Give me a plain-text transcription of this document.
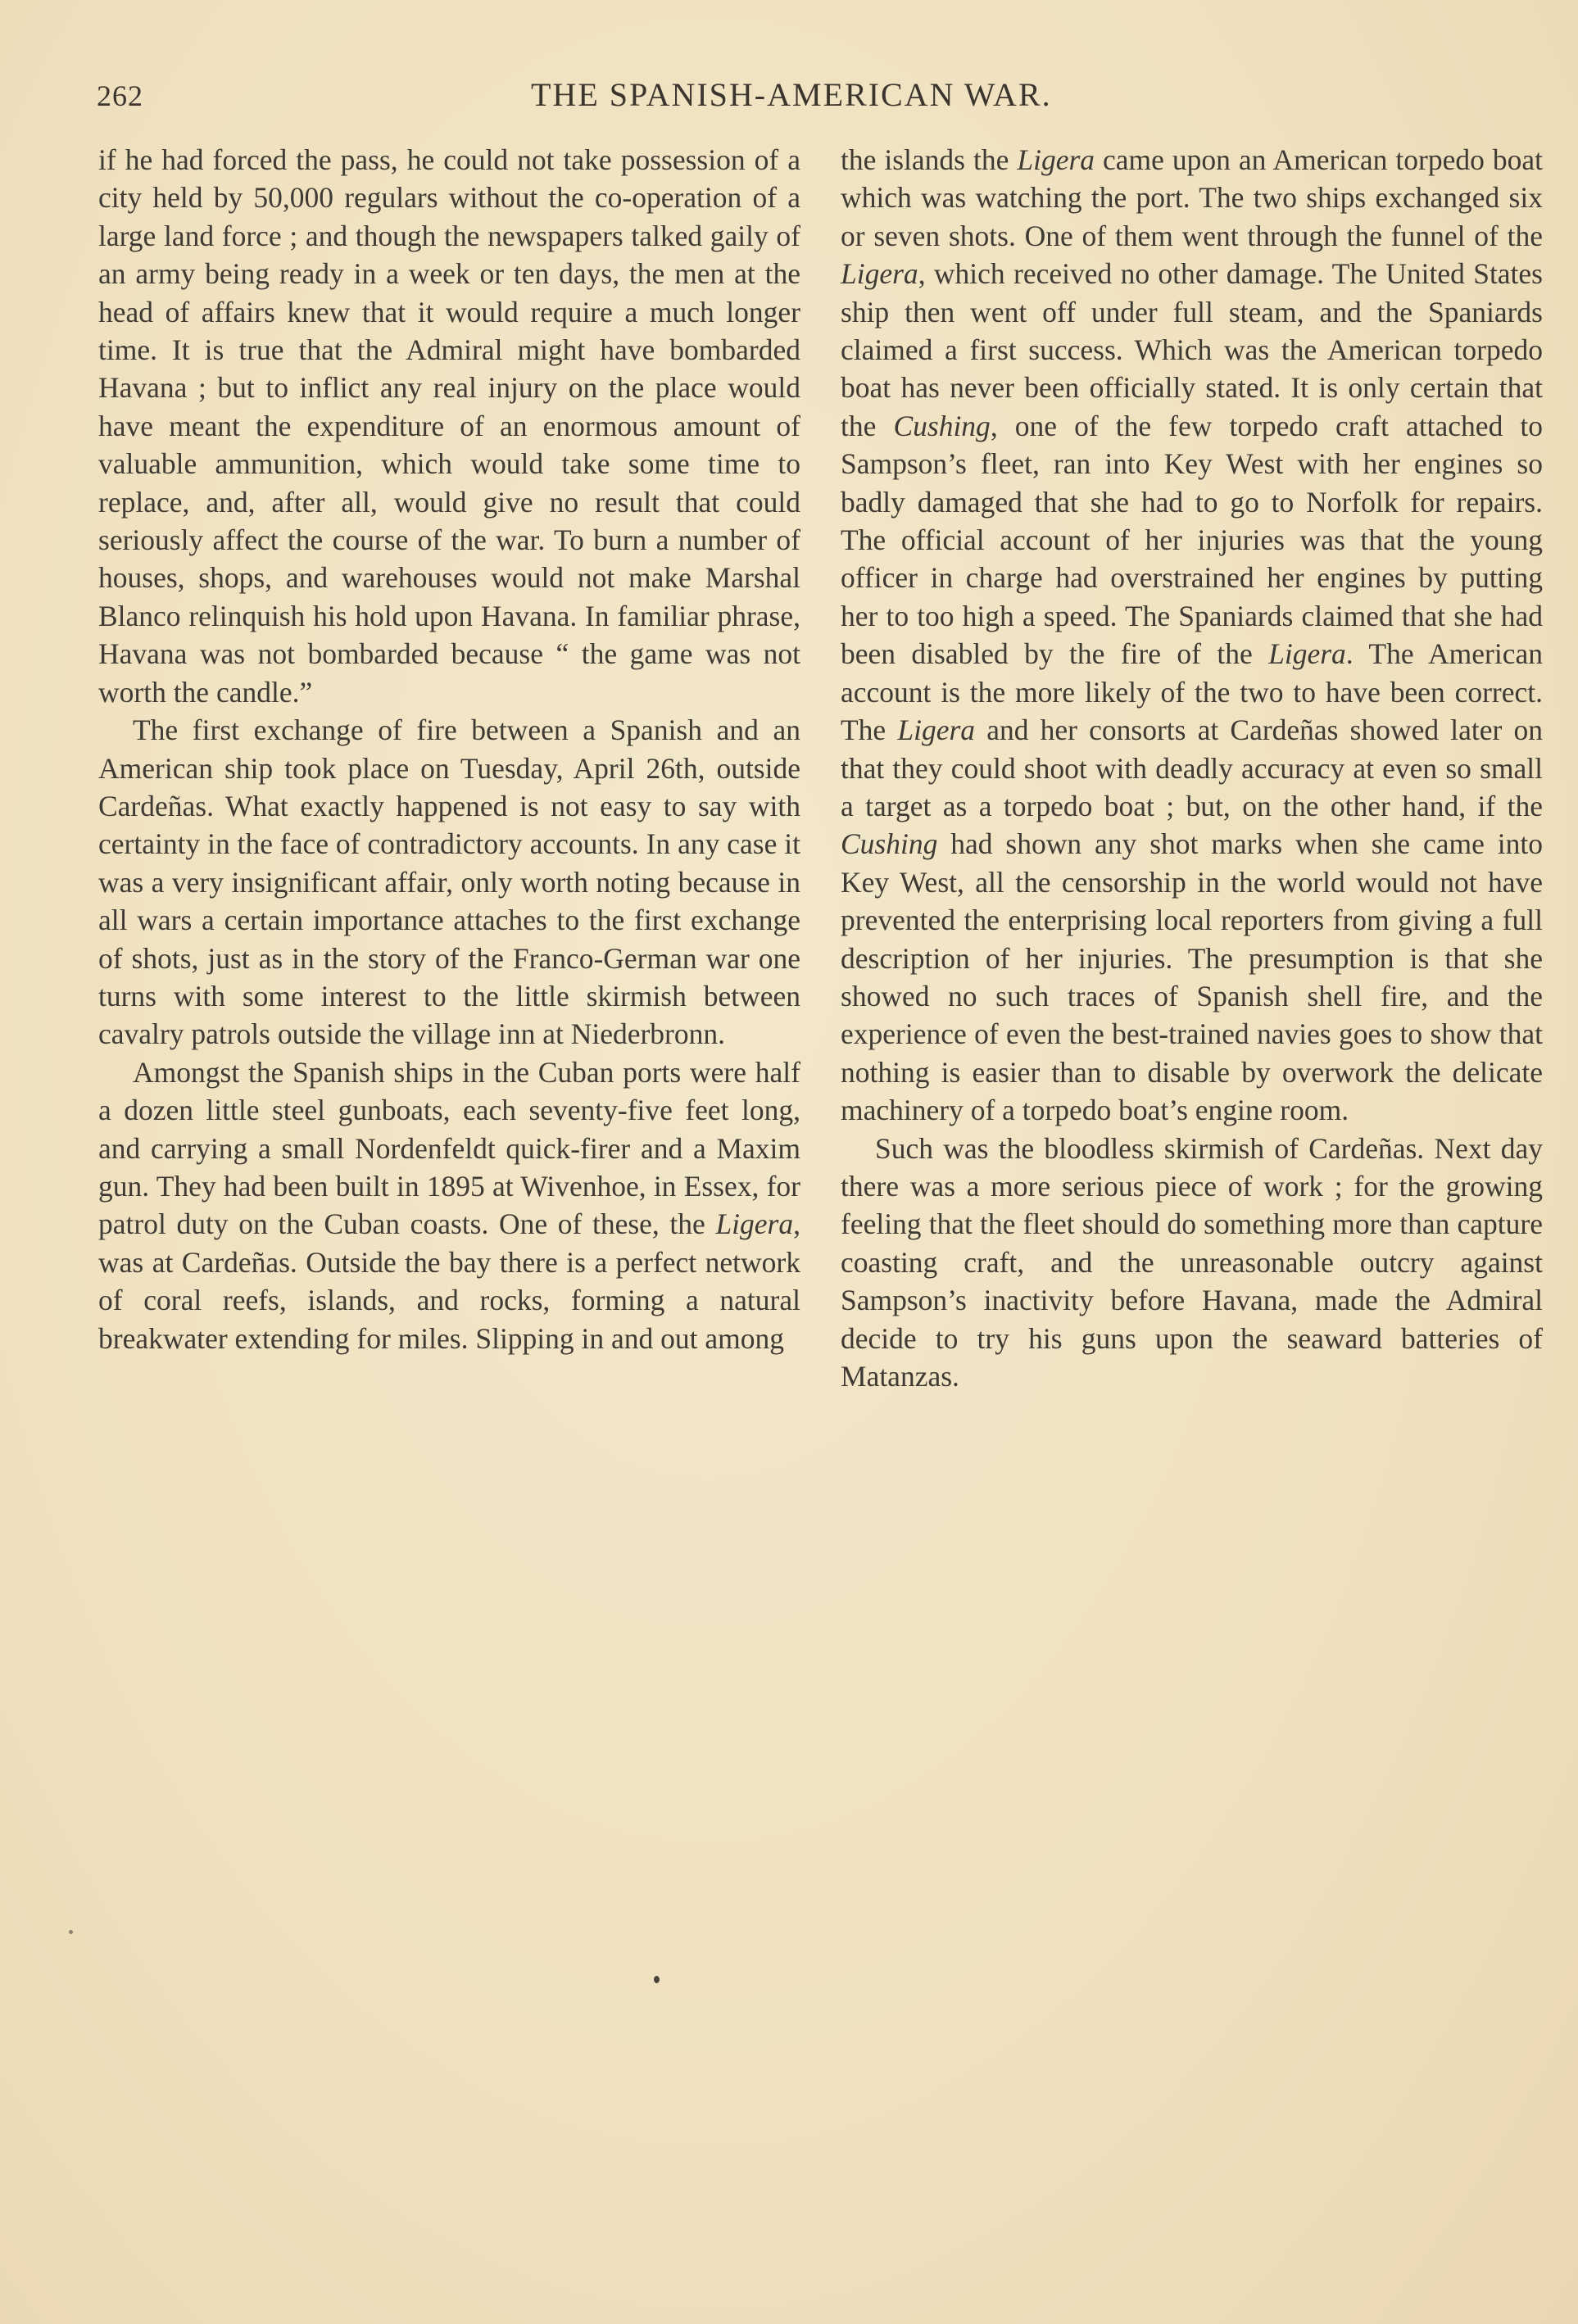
262	THE SPANISH-AMERICAN WAR.

if he had forced the pass, he could not take possession of a city held by 50,000 regulars without the co-operation of a large land force ; and though the newspapers talked gaily of an army being ready in a week or ten days, the men at the head of affairs knew that it would require a much longer time. It is true that the Admiral might have bombarded Havana ; but to inflict any real injury on the place would have meant the expenditure of an enormous amount of valuable ammunition, which would take some time to replace, and, after all, would give no result that could seriously affect the course of the war. To burn a number of houses, shops, and warehouses would not make Marshal Blanco relinquish his hold upon Havana. In familiar phrase, Havana was not bombarded because “ the game was not worth the candle.”

The first exchange of fire between a Spanish and an American ship took place on Tuesday, April 26th, outside Cardeñas. What exactly happened is not easy to say with certainty in the face of contradictory accounts. In any case it was a very insignificant affair, only worth noting because in all wars a certain importance attaches to the first exchange of shots, just as in the story of the Franco-German war one turns with some interest to the little skirmish between cavalry patrols outside the village inn at Niederbronn.

Amongst the Spanish ships in the Cuban ports were half a dozen little steel gunboats, each seventy-five feet long, and carrying a small Nordenfeldt quick-firer and a Maxim gun. They had been built in 1895 at Wivenhoe, in Essex, for patrol duty on the Cuban coasts. One of these, the Ligera, was at Cardeñas. Outside the bay there is a perfect network of coral reefs, islands, and rocks, forming a natural breakwater extending for miles. Slipping in and out among

the islands the Ligera came upon an American torpedo boat which was watching the port. The two ships exchanged six or seven shots. One of them went through the funnel of the Ligera, which received no other damage. The United States ship then went off under full steam, and the Spaniards claimed a first success. Which was the American torpedo boat has never been officially stated. It is only certain that the Cushing, one of the few torpedo craft attached to Sampson’s fleet, ran into Key West with her engines so badly damaged that she had to go to Norfolk for repairs. The official account of her injuries was that the young officer in charge had overstrained her engines by putting her to too high a speed. The Spaniards claimed that she had been disabled by the fire of the Ligera. The American account is the more likely of the two to have been correct. The Ligera and her consorts at Cardeñas showed later on that they could shoot with deadly accuracy at even so small a target as a torpedo boat ; but, on the other hand, if the Cushing had shown any shot marks when she came into Key West, all the censorship in the world would not have prevented the enterprising local reporters from giving a full description of her injuries. The presumption is that she showed no such traces of Spanish shell fire, and the experience of even the best-trained navies goes to show that nothing is easier than to disable by overwork the delicate machinery of a torpedo boat’s engine room.

Such was the bloodless skirmish of Cardeñas. Next day there was a more serious piece of work ; for the growing feeling that the fleet should do something more than capture coasting craft, and the unreasonable outcry against Sampson’s inactivity before Havana, made the Admiral decide to try his guns upon the seaward batteries of Matanzas.
